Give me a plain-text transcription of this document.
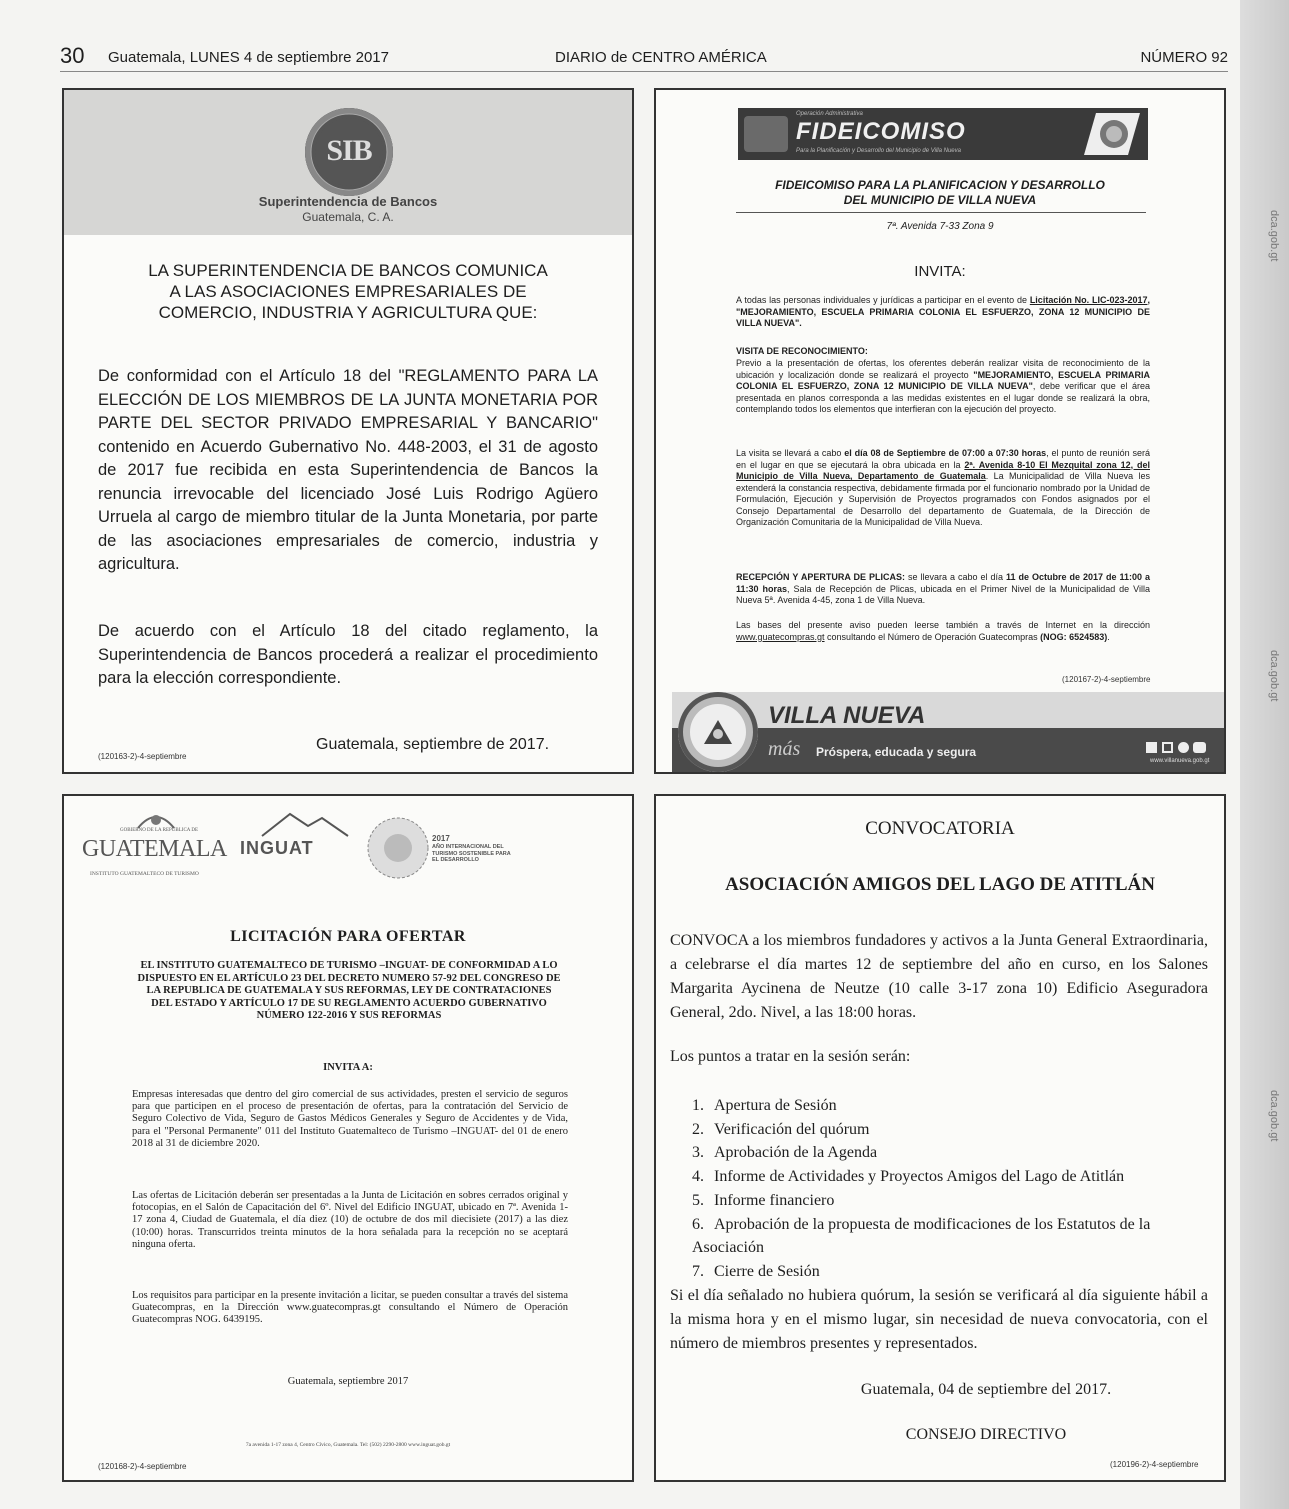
30 Guatemala, LUNES 4 de septiembre 2017	DIARIO de CENTRO AMÉRICA	NÚMERO 92
dca.gob.gt
dca.gob.gt
dca.gob.gt
SIB
Superintendencia de Bancos
Guatemala, C. A.
LA SUPERINTENDENCIA DE BANCOS COMUNICA A LAS ASOCIACIONES EMPRESARIALES DE COMERCIO, INDUSTRIA Y AGRICULTURA QUE:

De conformidad con el Artículo 18 del "REGLAMENTO PARA LA ELECCIÓN DE LOS MIEMBROS DE LA JUNTA MONETARIA POR PARTE DEL SECTOR PRIVADO EMPRESARIAL Y BANCARIO" contenido en Acuerdo Gubernativo No. 448-2003, el 31 de agosto de 2017 fue recibida en esta Superintendencia de Bancos la renuncia irrevocable del licenciado José Luis Rodrigo Agüero Urruela al cargo de miembro titular de la Junta Monetaria, por parte de las asociaciones empresariales de comercio, industria y agricultura.

De acuerdo con el Artículo 18 del citado reglamento, la Superintendencia de Bancos procederá a realizar el procedimiento para la elección correspondiente.

(120163-2)-4-septiembre
Guatemala, septiembre de 2017.
Operación Administrativa
FIDEICOMISO
Para la Planificación y Desarrollo del Municipio de Villa Nueva
FIDEICOMISO PARA LA PLANIFICACION Y DESARROLLO
DEL MUNICIPIO DE VILLA NUEVA
7ª. Avenida 7-33 Zona 9
INVITA:
A todas las personas individuales y jurídicas a participar en el evento de Licitación No. LIC-023-2017, "MEJORAMIENTO, ESCUELA PRIMARIA COLONIA EL ESFUERZO, ZONA 12 MUNICIPIO DE VILLA NUEVA".
VISITA DE RECONOCIMIENTO:
Previo a la presentación de ofertas, los oferentes deberán realizar visita de reconocimiento de la ubicación y localización donde se realizará el proyecto "MEJORAMIENTO, ESCUELA PRIMARIA COLONIA EL ESFUERZO, ZONA 12 MUNICIPIO DE VILLA NUEVA", debe verificar que el área presentada en planos corresponda a las medidas existentes en el lugar donde se realizará la obra, contemplando todos los elementos que interfieran con la ejecución del proyecto.
La visita se llevará a cabo el día 08 de Septiembre de 07:00 a 07:30 horas, el punto de reunión será en el lugar en que se ejecutará la obra ubicada en la 2ª. Avenida 8-10 El Mezquital zona 12, del Municipio de Villa Nueva, Departamento de Guatemala. La Municipalidad de Villa Nueva les extenderá la constancia respectiva, debidamente firmada por el funcionario nombrado por la Unidad de Formulación, Ejecución y Supervisión de Proyectos programados con Fondos asignados por el Consejo Departamental de Desarrollo del departamento de Guatemala, de la Dirección de Organización Comunitaria de la Municipalidad de Villa Nueva.
RECEPCIÓN Y APERTURA DE PLICAS: se llevara a cabo el día 11 de Octubre de 2017 de 11:00 a 11:30 horas, Sala de Recepción de Plicas, ubicada en el Primer Nivel de la Municipalidad de Villa Nueva 5ª. Avenida 4-45, zona 1 de Villa Nueva.
Las bases del presente aviso pueden leerse también a través de Internet en la dirección www.guatecompras.gt consultando el Número de Operación Guatecompras (NOG: 6524583).
(120167-2)-4-septiembre
VILLA NUEVA
más Próspera, educada y segura

www.villanueva.gob.gt
GOBIERNO DE LA REPÚBLICA DE
GUATEMALA
INSTITUTO GUATEMALTECO DE TURISMO
INGUAT	2017
AÑO INTERNACIONAL DEL TURISMO SOSTENIBLE PARA EL DESARROLLO
LICITACIÓN PARA OFERTAR
EL INSTITUTO GUATEMALTECO DE TURISMO –INGUAT- DE CONFORMIDAD A LO DISPUESTO EN EL ARTÍCULO 23 DEL DECRETO NUMERO 57-92 DEL CONGRESO DE LA REPUBLICA DE GUATEMALA Y SUS REFORMAS, LEY DE CONTRATACIONES DEL ESTADO Y ARTÍCULO 17 DE SU REGLAMENTO ACUERDO GUBERNATIVO NÚMERO 122-2016 Y SUS REFORMAS
INVITA A:

Empresas interesadas que dentro del giro comercial de sus actividades, presten el servicio de seguros para que participen en el proceso de presentación de ofertas, para la contratación del Servicio de Seguro Colectivo de Vida, Seguro de Gastos Médicos Generales y Seguro de Accidentes y de Vida, para el "Personal Permanente" 011 del Instituto Guatemalteco de Turismo –INGUAT- del 01 de enero 2018 al 31 de diciembre 2020.

Las ofertas de Licitación deberán ser presentadas a la Junta de Licitación en sobres cerrados original y fotocopias, en el Salón de Capacitación del 6º. Nivel del Edificio INGUAT, ubicado en 7ª. Avenida 1-17 zona 4, Ciudad de Guatemala, el día diez (10) de octubre de dos mil diecisiete (2017) a las diez (10:00) horas. Transcurridos treinta minutos de la hora señalada para la recepción no se aceptará ninguna oferta.

Los requisitos para participar en la presente invitación a licitar, se pueden consultar a través del sistema Guatecompras, en la Dirección www.guatecompras.gt consultando el Número de Operación Guatecompras NOG. 6439195.

Guatemala, septiembre 2017
7a avenida 1-17 zona 4, Centro Cívico, Guatemala. Tel: (502) 2290-2800 www.inguat.gob.gt
(120168-2)-4-septiembre
CONVOCATORIA
ASOCIACIÓN AMIGOS DEL LAGO DE ATITLÁN

CONVOCA a los miembros fundadores y activos a la Junta General Extraordinaria, a celebrarse el día martes 12 de septiembre del año en curso, en los Salones Margarita Aycinena de Neutze (10 calle 3-17 zona 10) Edificio Aseguradora General, 2do. Nivel, a las 18:00 horas.

Los puntos a tratar en la sesión serán:
1. Apertura de Sesión
2. Verificación del quórum
3. Aprobación de la Agenda
4. Informe de Actividades y Proyectos Amigos del Lago de Atitlán
5. Informe financiero
6. Aprobación de la propuesta de modificaciones de los Estatutos de la Asociación
7. Cierre de Sesión

Si el día señalado no hubiera quórum, la sesión se verificará al día siguiente hábil a la misma hora y en el mismo lugar, sin necesidad de nueva convocatoria, con el número de miembros presentes y representados.

Guatemala, 04 de septiembre del 2017.
CONSEJO DIRECTIVO
(120196-2)-4-septiembre
